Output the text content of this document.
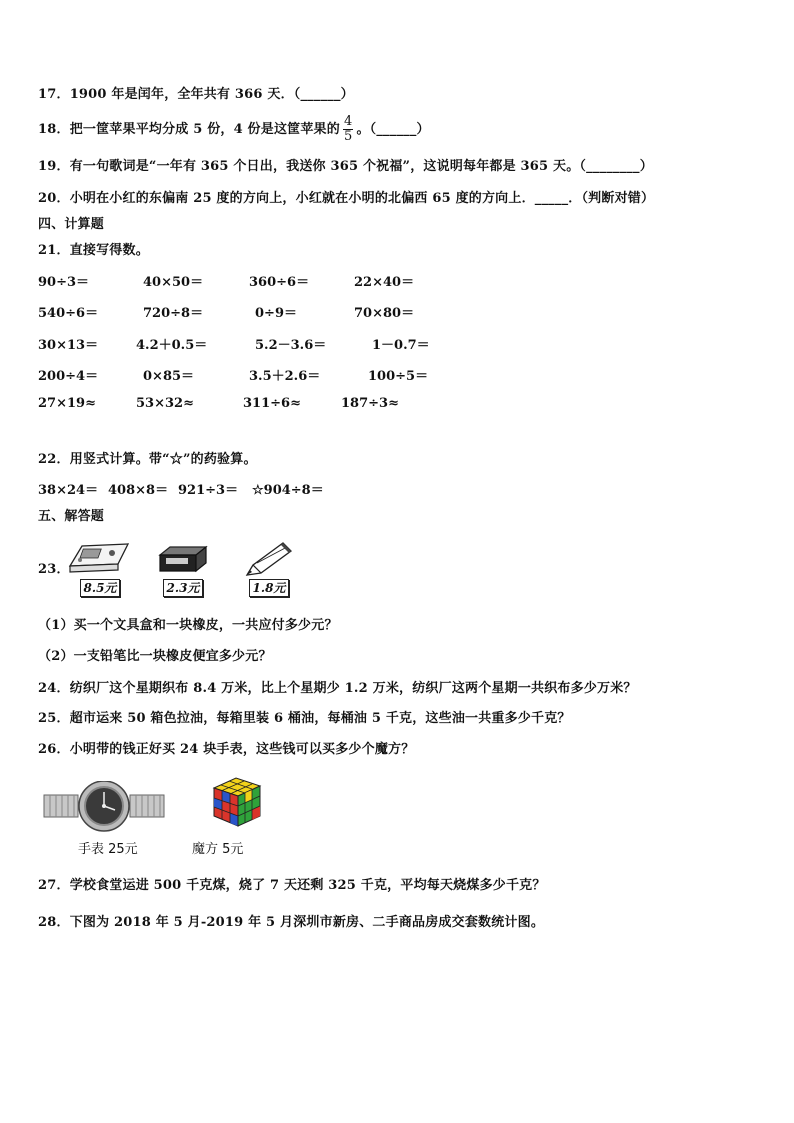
17．1900 年是闰年，全年共有 366 天．（______）
18．把一筐苹果平均分成 5 份，4 份是这筐苹果的 $\frac{4}{5}$ 。（______）
19．有一句歌词是“一年有 365 个日出，我送你 365 个祝福”，这说明每年都是 365 天。（________）
20．小明在小红的东偏南 25 度的方向上，小红就在小明的北偏西 65 度的方向上．_____．（判断对错）
四、计算题
21．直接写得数。
90÷3＝	40×50＝	360÷6＝	22×40＝
540÷6＝	720÷8＝	0÷9＝	70×80＝
30×13＝	4.2＋0.5＝	5.2－3.6＝	1－0.7＝
200÷4＝	0×85＝	3.5＋2.6＝	100÷5＝
27×19≈	53×32≈	311÷6≈	187÷3≈
22．用竖式计算。带“☆”的药验算。
38×24＝ 408×8＝ 921÷3＝ ☆904÷8＝
五、解答题
23．
8.5元	2.3元	1.8元
（1）买一个文具盒和一块橡皮，一共应付多少元？
（2）一支铅笔比一块橡皮便宜多少元？
24．纺织厂这个星期织布 8.4 万米，比上个星期少 1.2 万米，纺织厂这两个星期一共织布多少万米？
25．超市运来 50 箱色拉油，每箱里装 6 桶油，每桶油 5 千克，这些油一共重多少千克？
26．小明带的钱正好买 24 块手表，这些钱可以买多少个魔方？
手表 25元	魔方 5元
27．学校食堂运进 500 千克煤，烧了 7 天还剩 325 千克，平均每天烧煤多少千克？
28．下图为 2018 年 5 月-2019 年 5 月深圳市新房、二手商品房成交套数统计图。
